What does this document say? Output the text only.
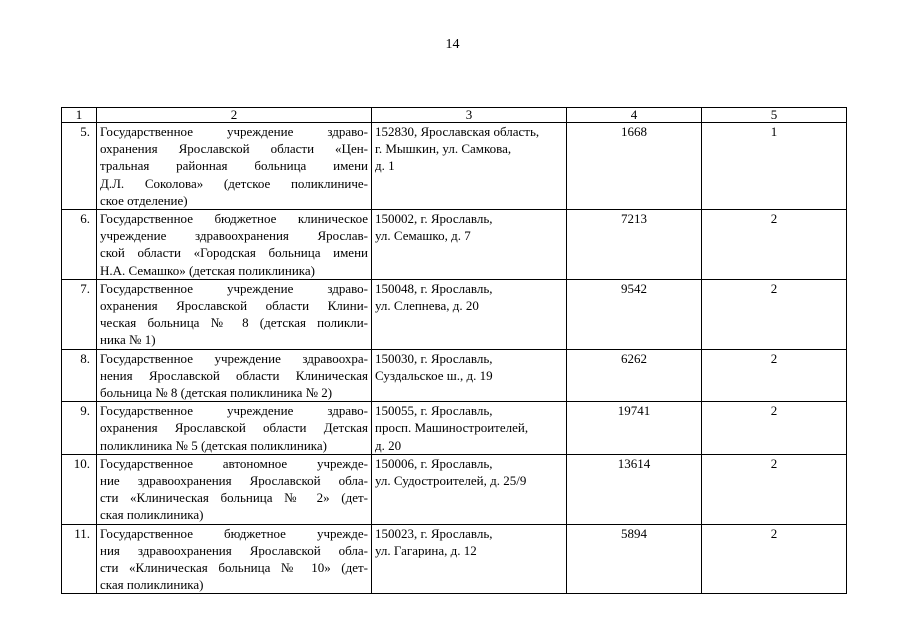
14
1	2	3	4	5
5.	Государственное учреждение здраво-
охранения Ярославской области «Цен-
тральная районная больница имени
Д.Л. Соколова» (детское поликлиниче-
ское отделение)	152830, Ярославская область,
г. Мышкин, ул. Самкова,
д. 1	1668	1
6.	Государственное бюджетное клиническое
учреждение здравоохранения Ярослав-
ской области «Городская больница имени
Н.А. Семашко» (детская поликлиника)	150002, г. Ярославль,
ул. Семашко, д. 7	7213	2
7.	Государственное учреждение здраво-
охранения Ярославской области Клини-
ческая больница № 8 (детская поликли-
ника № 1)	150048, г. Ярославль,
ул. Слепнева, д. 20	9542	2
8.	Государственное учреждение здравоохра-
нения Ярославской области Клиническая
больница № 8 (детская поликлиника № 2)	150030, г. Ярославль,
Суздальское ш., д. 19	6262	2
9.	Государственное учреждение здраво-
охранения Ярославской области Детская
поликлиника № 5 (детская поликлиника)	150055, г. Ярославль,
просп. Машиностроителей,
д. 20	19741	2
10.	Государственное автономное учрежде-
ние здравоохранения Ярославской обла-
сти «Клиническая больница № 2» (дет-
ская поликлиника)	150006, г. Ярославль,
ул. Судостроителей, д. 25/9	13614	2
11.	Государственное бюджетное учрежде-
ния здравоохранения Ярославской обла-
сти «Клиническая больница № 10» (дет-
ская поликлиника)	150023, г. Ярославль,
ул. Гагарина, д. 12	5894	2
